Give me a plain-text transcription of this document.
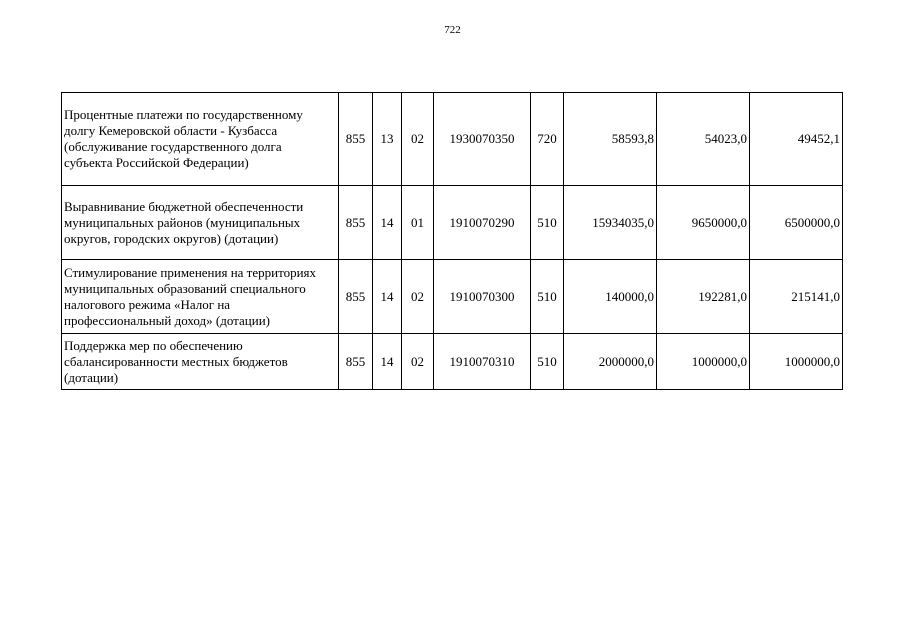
722
Процентные платежи по государственному
долгу Кемеровской области - Кузбасса
(обслуживание государственного долга
субъекта Российской Федерации)	855	13	02	1930070350	720	58593,8	54023,0	49452,1

Выравнивание бюджетной обеспеченности
муниципальных районов (муниципальных
округов, городских округов) (дотации)	855	14	01	1910070290	510	15934035,0	9650000,0	6500000,0

Стимулирование применения на территориях
муниципальных образований специального
налогового режима «Налог на
профессиональный доход» (дотации)	855	14	02	1910070300	510	140000,0	192281,0	215141,0

Поддержка мер по обеспечению
сбалансированности местных бюджетов
(дотации)	855	14	02	1910070310	510	2000000,0	1000000,0	1000000,0
